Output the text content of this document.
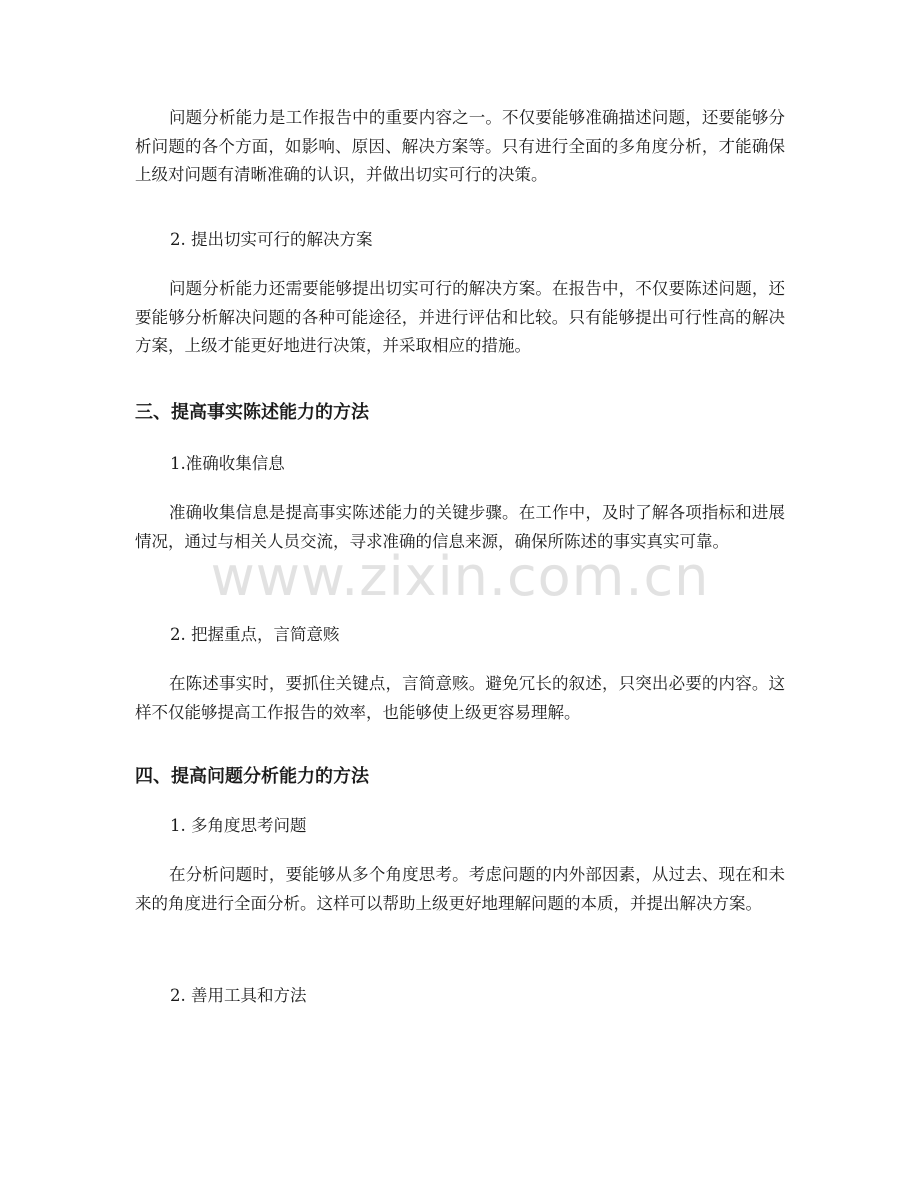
问题分析能力是工作报告中的重要内容之一。不仅要能够准确描述问题，还要能够分析问题的各个方面，如影响、原因、解决方案等。只有进行全面的多角度分析，才能确保上级对问题有清晰准确的认识，并做出切实可行的决策。

2. 提出切实可行的解决方案

问题分析能力还需要能够提出切实可行的解决方案。在报告中，不仅要陈述问题，还要能够分析解决问题的各种可能途径，并进行评估和比较。只有能够提出可行性高的解决方案，上级才能更好地进行决策，并采取相应的措施。

三、提高事实陈述能力的方法

1.准确收集信息

准确收集信息是提高事实陈述能力的关键步骤。在工作中，及时了解各项指标和进展情况，通过与相关人员交流，寻求准确的信息来源，确保所陈述的事实真实可靠。

2. 把握重点，言简意赅

在陈述事实时，要抓住关键点，言简意赅。避免冗长的叙述，只突出必要的内容。这样不仅能够提高工作报告的效率，也能够使上级更容易理解。

四、提高问题分析能力的方法

1. 多角度思考问题

在分析问题时，要能够从多个角度思考。考虑问题的内外部因素，从过去、现在和未来的角度进行全面分析。这样可以帮助上级更好地理解问题的本质，并提出解决方案。

2. 善用工具和方法

www.zixin.com.cn
